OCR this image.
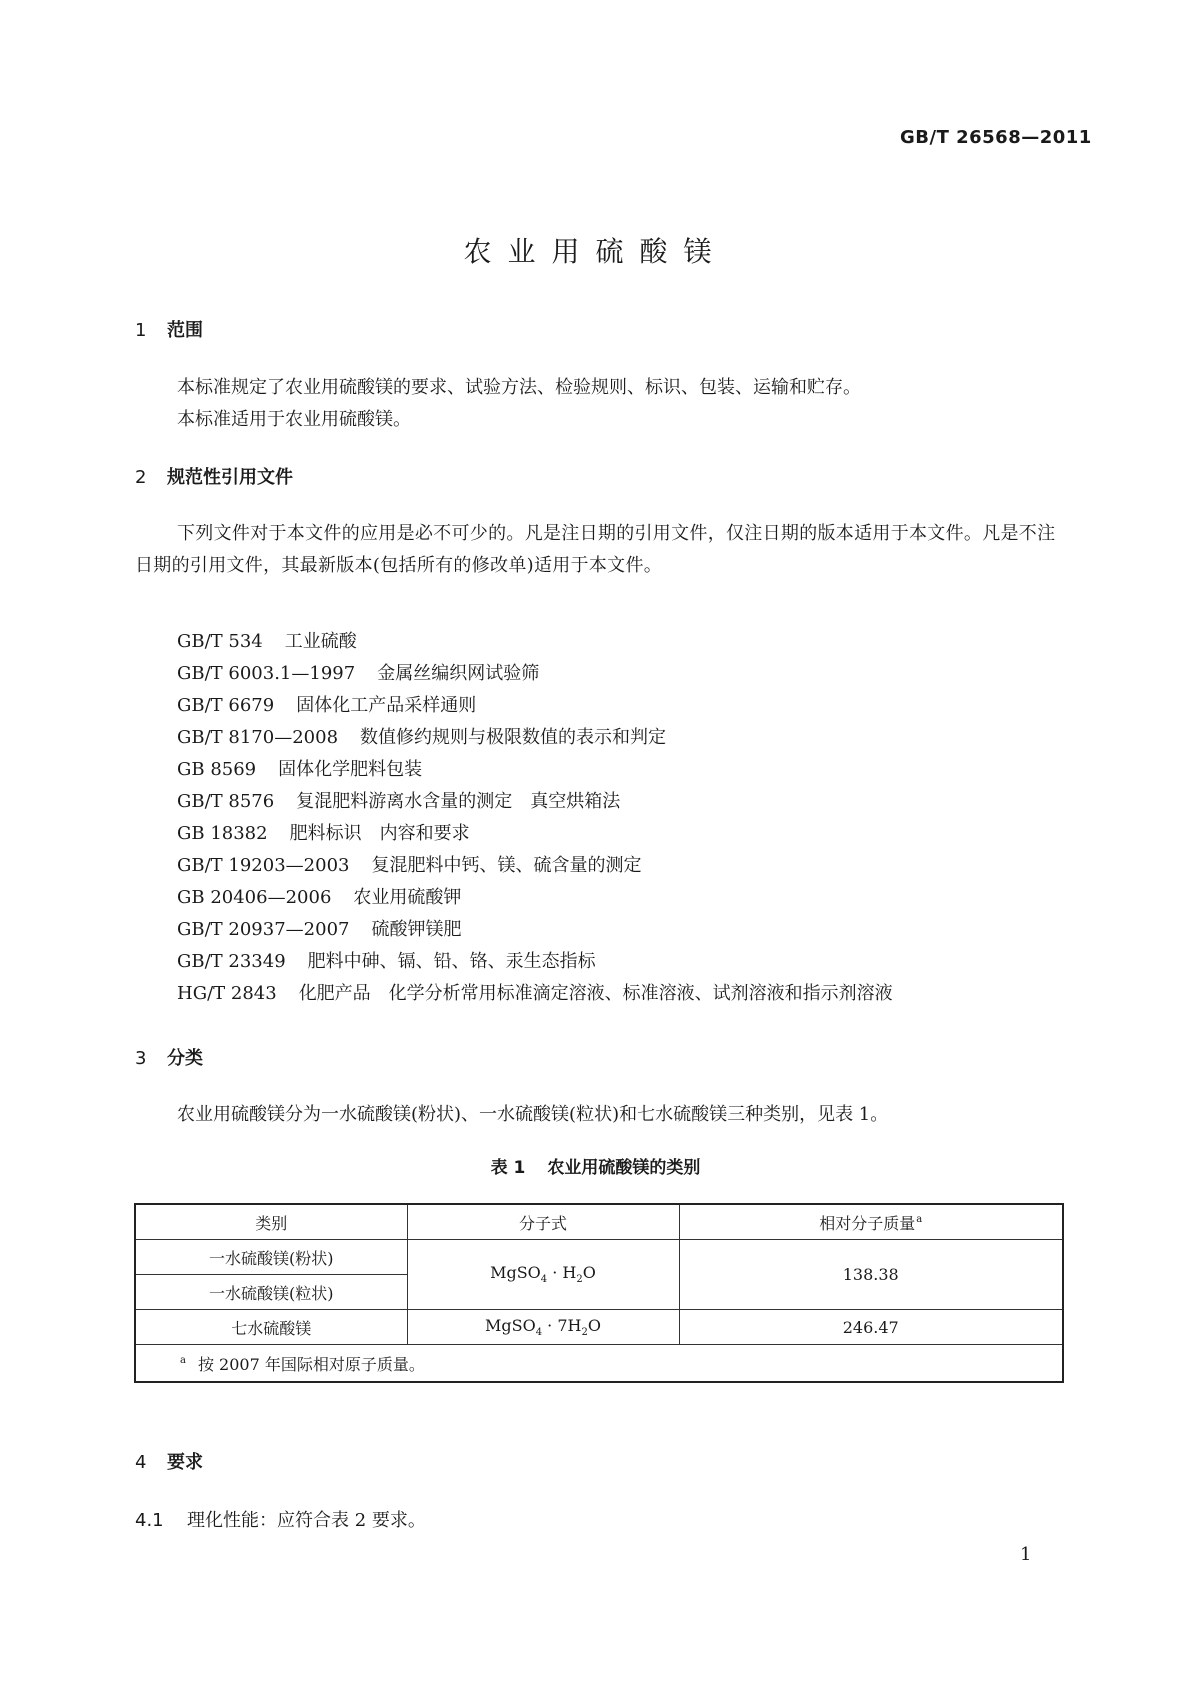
GB/T 26568—2011
农业用硫酸镁
1 范围
本标准规定了农业用硫酸镁的要求、试验方法、检验规则、标识、包装、运输和贮存。
本标准适用于农业用硫酸镁。
2 规范性引用文件
下列文件对于本文件的应用是必不可少的。凡是注日期的引用文件，仅注日期的版本适用于本文件。凡是不注日期的引用文件，其最新版本(包括所有的修改单)适用于本文件。
GB/T 534 工业硫酸
GB/T 6003.1—1997 金属丝编织网试验筛
GB/T 6679 固体化工产品采样通则
GB/T 8170—2008 数值修约规则与极限数值的表示和判定
GB 8569 固体化学肥料包装
GB/T 8576 复混肥料游离水含量的测定　真空烘箱法
GB 18382 肥料标识　内容和要求
GB/T 19203—2003 复混肥料中钙、镁、硫含量的测定
GB 20406—2006 农业用硫酸钾
GB/T 20937—2007 硫酸钾镁肥
GB/T 23349 肥料中砷、镉、铅、铬、汞生态指标
HG/T 2843 化肥产品　化学分析常用标准滴定溶液、标准溶液、试剂溶液和指示剂溶液
3 分类
农业用硫酸镁分为一水硫酸镁(粉状)、一水硫酸镁(粒状)和七水硫酸镁三种类别，见表 1。
表 1 农业用硫酸镁的类别
类别	分子式	相对分子质量$^a$
一水硫酸镁(粉状)	MgSO$_4$ · $H_2O$	138.38
一水硫酸镁(粒状)		
七水硫酸镁	MgSO$_4$ · $7H_2O$	246.47
$^a$ 按 2007 年国际相对原子质量。		
4 要求
4.1 理化性能：应符合表 2 要求。
1
